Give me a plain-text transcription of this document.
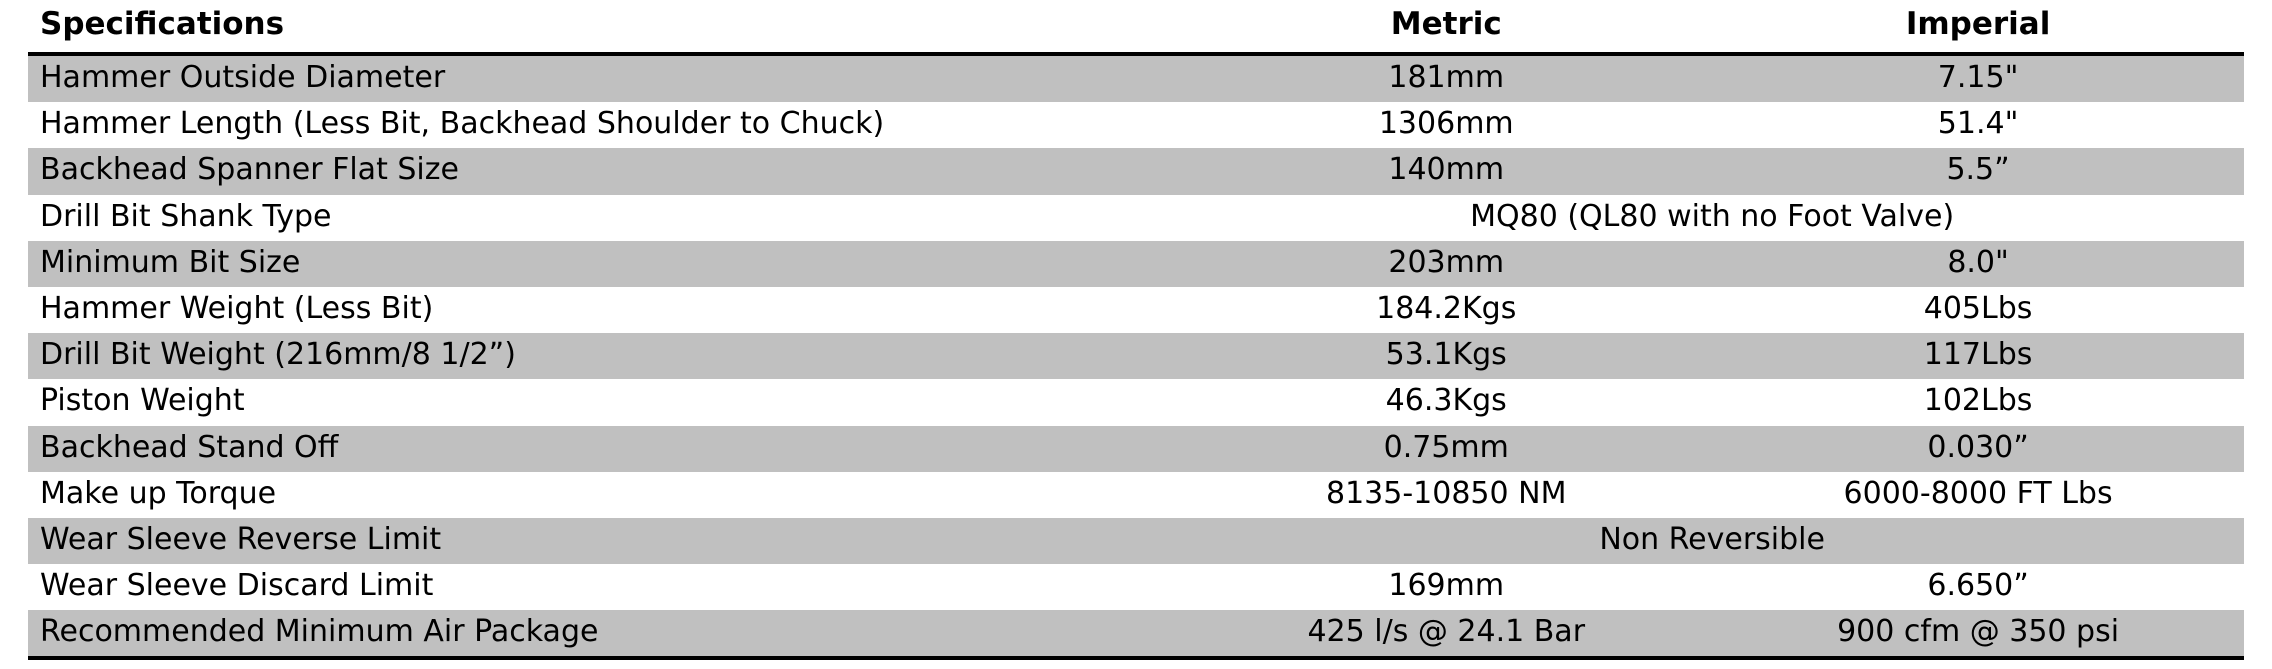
Specifications	Metric	Imperial
Hammer Outside Diameter	181mm	7.15"
Hammer Length (Less Bit, Backhead Shoulder to Chuck)	1306mm	51.4"
Backhead Spanner Flat Size	140mm	5.5”
Drill Bit Shank Type	MQ80 (QL80 with no Foot Valve)	
Minimum Bit Size	203mm	8.0"
Hammer Weight (Less Bit)	184.2Kgs	405Lbs
Drill Bit Weight (216mm/8 1/2”)	53.1Kgs	117Lbs
Piston Weight	46.3Kgs	102Lbs
Backhead Stand Off	0.75mm	0.030”
Make up Torque	8135-10850 NM	6000-8000 FT Lbs
Wear Sleeve Reverse Limit	Non Reversible	
Wear Sleeve Discard Limit	169mm	6.650”
Recommended Minimum Air Package	425 l/s @ 24.1 Bar	900 cfm @ 350 psi
